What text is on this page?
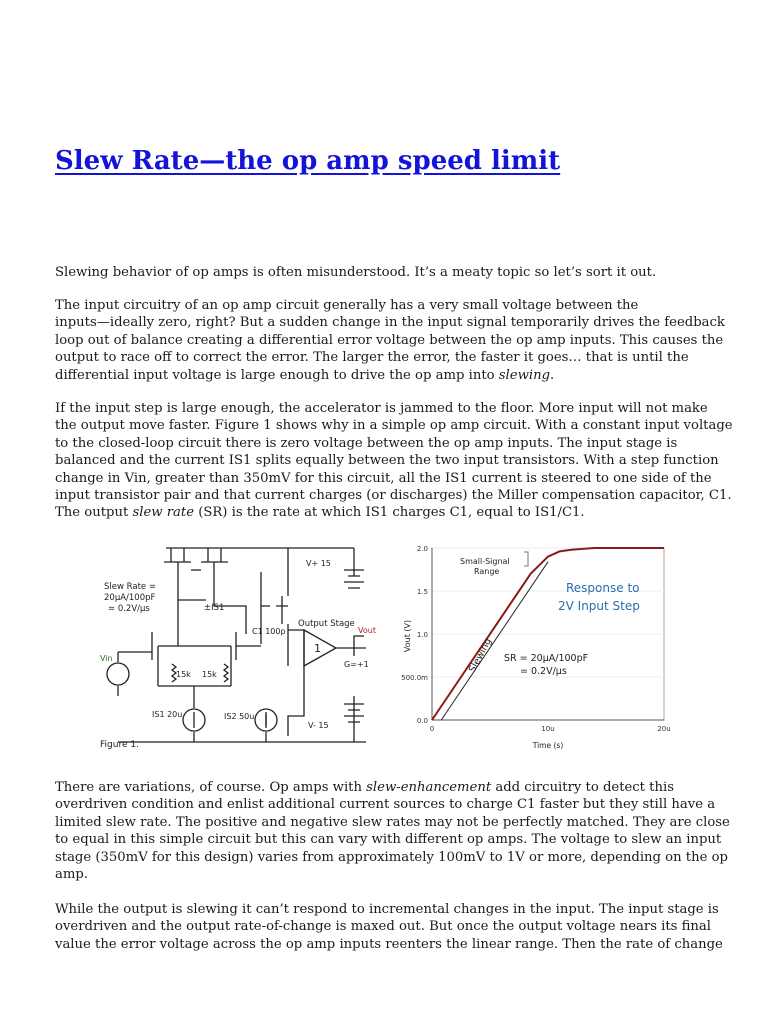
Slew Rate—the op amp speed limit
Slewing behavior of op amps is often misunderstood. It’s a meaty topic so let’s sort it out.
The input circuitry of an op amp circuit generally has a very small voltage between the
inputs—ideally zero, right? But a sudden change in the input signal temporarily drives the feedback
loop out of balance creating a differential error voltage between the op amp inputs. This causes the
output to race off to correct the error. The larger the error, the faster it goes… that is until the
differential input voltage is large enough to drive the op amp into slewing.
If the input step is large enough, the accelerator is jammed to the floor. More input will not make
the output move faster. Figure 1 shows why in a simple op amp circuit. With a constant input voltage
to the closed-loop circuit there is zero voltage between the op amp inputs. The input stage is
balanced and the current IS1 splits equally between the two input transistors. With a step function
change in Vin, greater than 350mV for this circuit, all the IS1 current is steered to one side of the
input transistor pair and that current charges (or discharges) the Miller compensation capacitor, C1.
The output slew rate (SR) is the rate at which IS1 charges C1, equal to IS1/C1.
Slew Rate =
20μA/100pF
= 0.2V/μs
V+ 15
V- 15
±IS1
C1 100p
Output Stage
1
Vout
G=+1
Vin
15k 15k
IS1 20u	IS2 50u
Figure 1.
0.0
500.0m
1.0
1.5
2.0
0	10u	20u
Vout (V)
Time (s)
Small-Signal
Range
Response to
2V Input Step
Slewing SR = 20μA/100pF
= 0.2V/μs
There are variations, of course. Op amps with slew-enhancement add circuitry to detect this
overdriven condition and enlist additional current sources to charge C1 faster but they still have a
limited slew rate. The positive and negative slew rates may not be perfectly matched. They are close
to equal in this simple circuit but this can vary with different op amps. The voltage to slew an input
stage (350mV for this design) varies from approximately 100mV to 1V or more, depending on the op
amp.
While the output is slewing it can’t respond to incremental changes in the input. The input stage is
overdriven and the output rate-of-change is maxed out. But once the output voltage nears its final
value the error voltage across the op amp inputs reenters the linear range. Then the rate of change
